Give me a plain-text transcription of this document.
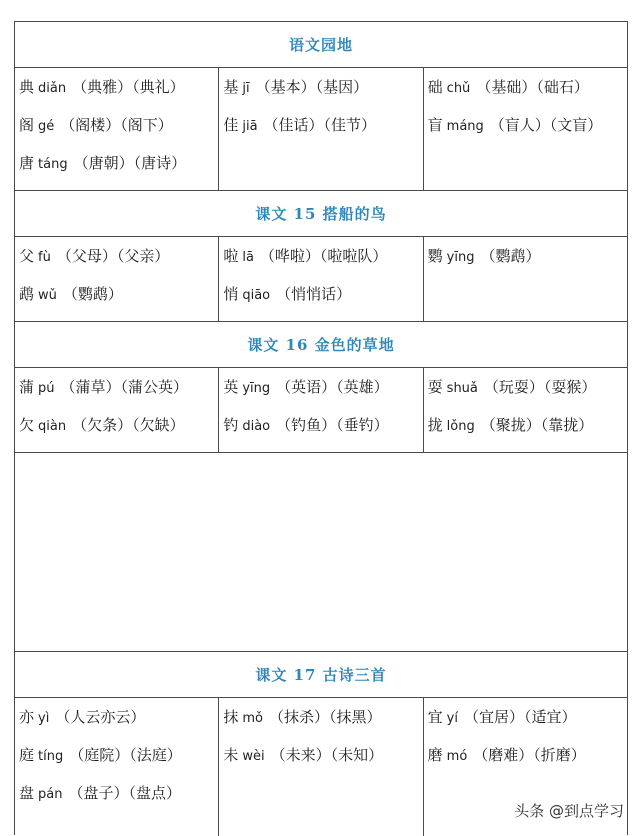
语文园地
典 diǎn （典雅）（典礼）
阁 gé （阁楼）（阁下）
唐 táng （唐朝）（唐诗）
基 jī （基本）（基因）
佳 jiā （佳话）（佳节）
础 chǔ （基础）（础石）
盲 máng （盲人）（文盲）
课文 15 搭船的鸟
父 fù （父母）（父亲）
鹉 wǔ （鹦鹉）
啦 lā （哗啦）（啦啦队）
悄 qiāo （悄悄话）
鹦 yīng （鹦鹉）
课文 16 金色的草地
蒲 pú （蒲草）（蒲公英）
欠 qiàn （欠条）（欠缺）
英 yīng （英语）（英雄）
钓 diào （钓鱼）（垂钓）
耍 shuǎ （玩耍）（耍猴）
拢 lǒng （聚拢）（靠拢）
课文 17 古诗三首
亦 yì （人云亦云）
庭 tíng （庭院）（法庭）
盘 pán （盘子）（盘点）
抹 mǒ （抹杀）（抹黑）
未 wèi （未来）（未知）
宜 yí （宜居）（适宜）
磨 mó （磨难）（折磨）
头条 @到点学习
